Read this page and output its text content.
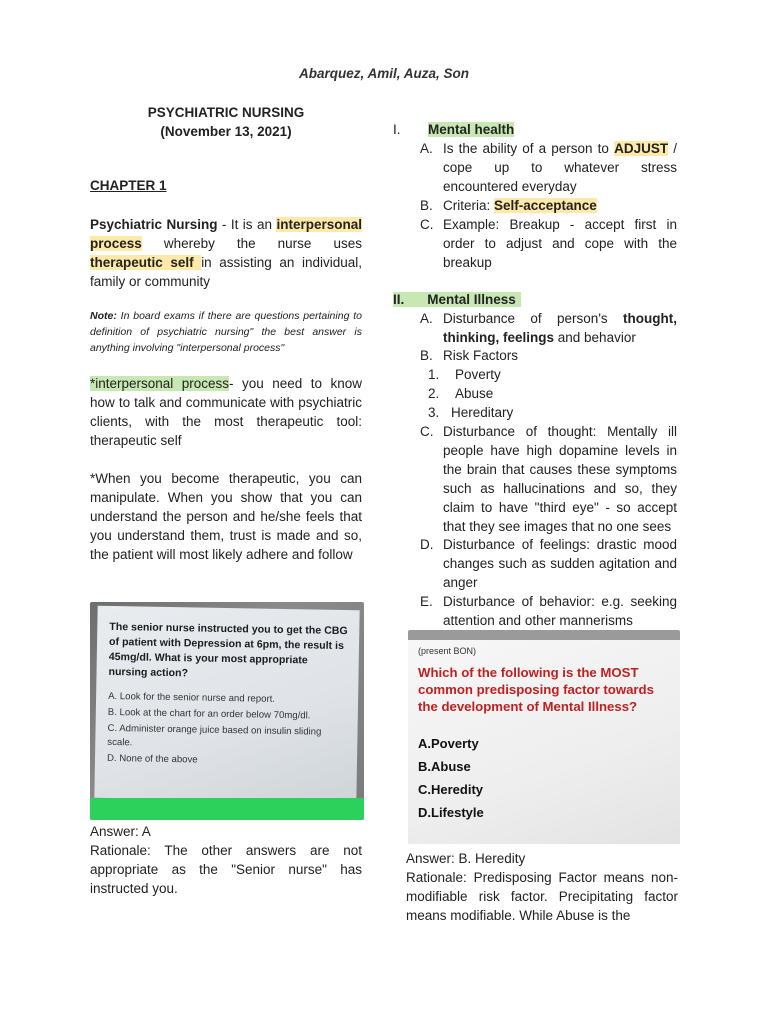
Abarquez, Amil, Auza, Son
PSYCHIATRIC NURSING
(November 13, 2021)
CHAPTER 1
Psychiatric Nursing - It is an interpersonal process whereby the nurse uses therapeutic self in assisting an individual, family or community
Note: In board exams if there are questions pertaining to definition of psychiatric nursing" the best answer is anything involving "interpersonal process"
*interpersonal process- you need to know how to talk and communicate with psychiatric clients, with the most therapeutic tool: therapeutic self
*When you become therapeutic, you can manipulate. When you show that you can understand the person and he/she feels that you understand them, trust is made and so, the patient will most likely adhere and follow
The senior nurse instructed you to get the CBG of patient with Depression at 6pm, the result is 45mg/dl. What is your most appropriate nursing action?
A. Look for the senior nurse and report.
B. Look at the chart for an order below 70mg/dl.
C. Administer orange juice based on insulin sliding scale.
D. None of the above
Answer: A
Rationale: The other answers are not appropriate as the "Senior nurse" has instructed you.
I. Mental health
A. Is the ability of a person to ADJUST / cope up to whatever stress encountered everyday
B. Criteria: Self-acceptance
C. Example: Breakup - accept first in order to adjust and cope with the breakup
II. Mental Illness
A. Disturbance of person's thought, thinking, feelings and behavior
B. Risk Factors
1. Poverty
2. Abuse
3. Hereditary
C. Disturbance of thought: Mentally ill people have high dopamine levels in the brain that causes these symptoms such as hallucinations and so, they claim to have "third eye" - so accept that they see images that no one sees
D. Disturbance of feelings: drastic mood changes such as sudden agitation and anger
E. Disturbance of behavior: e.g. seeking attention and other mannerisms
(present BON)
Which of the following is the MOST common predisposing factor towards the development of Mental Illness?
A.Poverty
B.Abuse
C.Heredity
D.Lifestyle
Answer: B. Heredity
Rationale: Predisposing Factor means non-modifiable risk factor. Precipitating factor means modifiable. While Abuse is the
